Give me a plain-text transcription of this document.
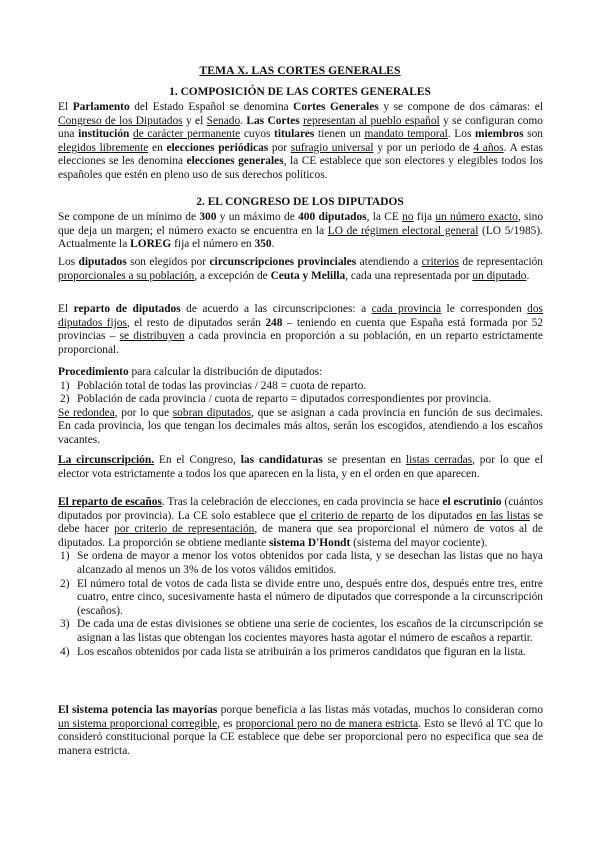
TEMA X. LAS CORTES GENERALES
1. COMPOSICIÓN DE LAS CORTES GENERALES

El Parlamento del Estado Español se denomina Cortes Generales y se compone de dos cámaras: el Congreso de los Diputados y el Senado. Las Cortes representan al pueblo español y se configuran como una institución de carácter permanente cuyos titulares tienen un mandato temporal. Los miembros son elegidos libremente en elecciones periódicas por sufragio universal y por un periodo de 4 años. A estas elecciones se les denomina elecciones generales, la CE establece que son electores y elegibles todos los españoles que estén en pleno uso de sus derechos políticos.

2. EL CONGRESO DE LOS DIPUTADOS

Se compone de un mínimo de 300 y un máximo de 400 diputados, la CE no fija un número exacto, sino que deja un margen; el número exacto se encuentra en la LO de régimen electoral general (LO 5/1985). Actualmente la LOREG fija el número en 350.

Los diputados son elegidos por circunscripciones provinciales atendiendo a criterios de representación proporcionales a su población, a excepción de Ceuta y Melilla, cada una representada por un diputado.

El reparto de diputados de acuerdo a las circunscripciones: a cada provincia le corresponden dos diputados fijos, el resto de diputados serán 248 – teniendo en cuenta que España está formada por 52 provincias – se distribuyen a cada provincia en proporción a su población, en un reparto estrictamente proporcional.

Procedimiento para calcular la distribución de diputados:

1) Población total de todas las provincias / 248 = cuota de reparto.
2) Población de cada provincia / cuota de reparto = diputados correspondientes por provincia.

Se redondea, por lo que sobran diputados, que se asignan a cada provincia en función de sus decimales. En cada provincia, los que tengan los decimales más altos, serán los escogidos, atendiendo a los escaños vacantes.

La circunscripción. En el Congreso, las candidaturas se presentan en listas cerradas, por lo que el elector vota estrictamente a todos los que aparecen en la lista, y en el orden en que aparecen.

El reparto de escaños. Tras la celebración de elecciones, en cada provincia se hace el escrutinio (cuántos diputados por provincia). La CE solo establece que el criterio de reparto de los diputados en las listas se debe hacer por criterio de representación, de manera que sea proporcional el número de votos al de diputados. La proporción se obtiene mediante sistema D'Hondt (sistema del mayor cociente).

1) Se ordena de mayor a menor los votos obtenidos por cada lista, y se desechan las listas que no haya alcanzado al menos un 3% de los votos válidos emitidos.
2) El número total de votos de cada lista se divide entre uno, después entre dos, después entre tres, entre cuatro, entre cinco, sucesivamente hasta el número de diputados que corresponde a la circunscripción (escaños).
3) De cada una de estas divisiones se obtiene una serie de cocientes, los escaños de la circunscripción se asignan a las listas que obtengan los cocientes mayores hasta agotar el número de escaños a repartir.
4) Los escaños obtenidos por cada lista se atribuirán a los primeros candidatos que figuran en la lista.

El sistema potencia las mayorías porque beneficia a las listas más votadas, muchos lo consideran como un sistema proporcional corregible, es proporcional pero no de manera estricta. Esto se llevó al TC que lo consideró constitucional porque la CE establece que debe ser proporcional pero no especifica que sea de manera estricta.
